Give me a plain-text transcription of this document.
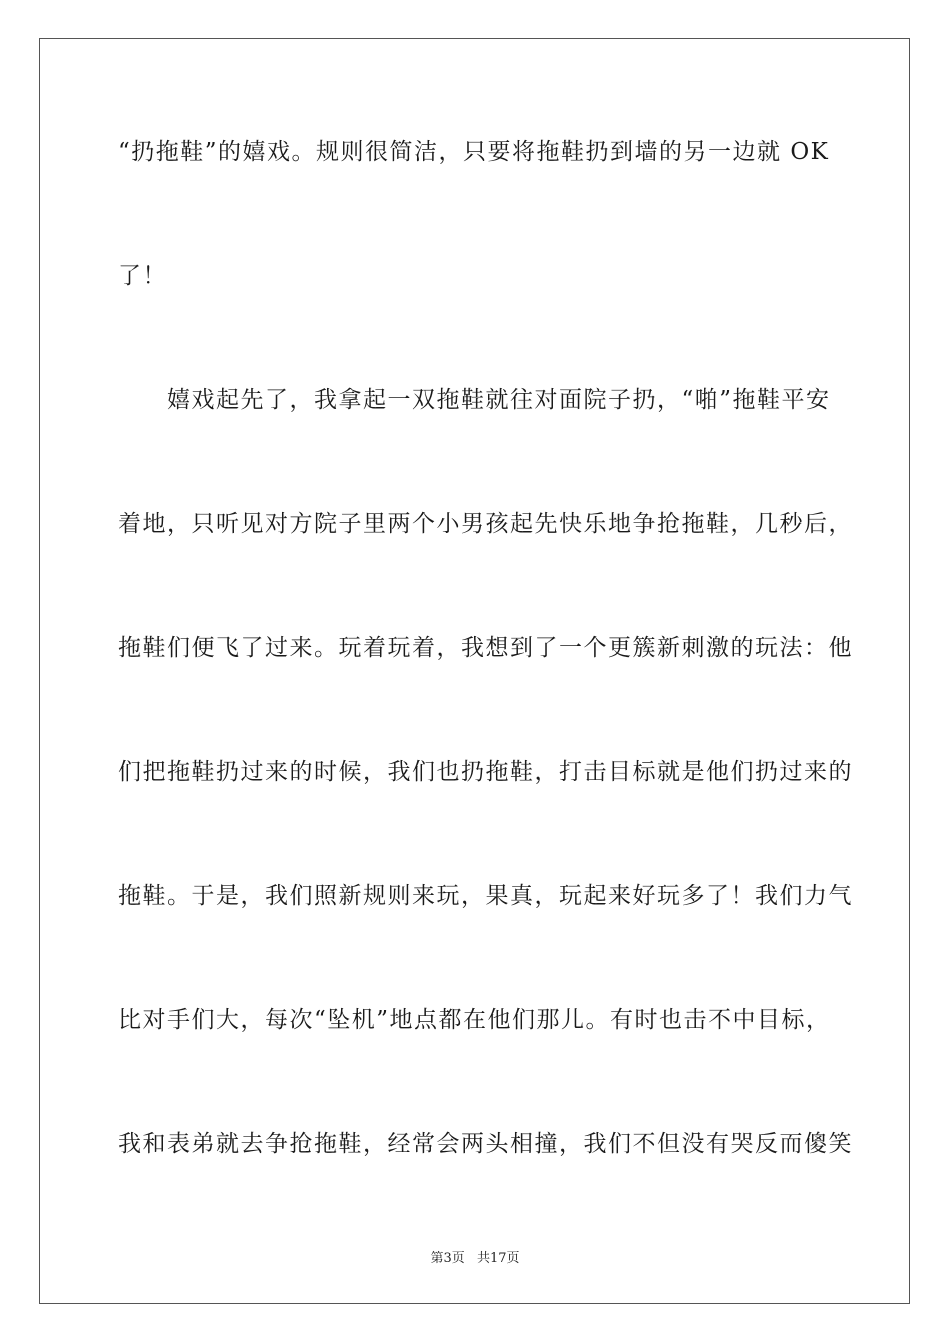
“扔拖鞋”的嬉戏。规则很简洁，只要将拖鞋扔到墙的另一边就 OK
了！
　　嬉戏起先了，我拿起一双拖鞋就往对面院子扔，“啪”拖鞋平安
着地，只听见对方院子里两个小男孩起先快乐地争抢拖鞋，几秒后，
拖鞋们便飞了过来。玩着玩着，我想到了一个更簇新刺激的玩法：他
们把拖鞋扔过来的时候，我们也扔拖鞋，打击目标就是他们扔过来的
拖鞋。于是，我们照新规则来玩，果真，玩起来好玩多了！我们力气
比对手们大，每次“坠机”地点都在他们那儿。有时也击不中目标，
我和表弟就去争抢拖鞋，经常会两头相撞，我们不但没有哭反而傻笑
第3页 共17页
